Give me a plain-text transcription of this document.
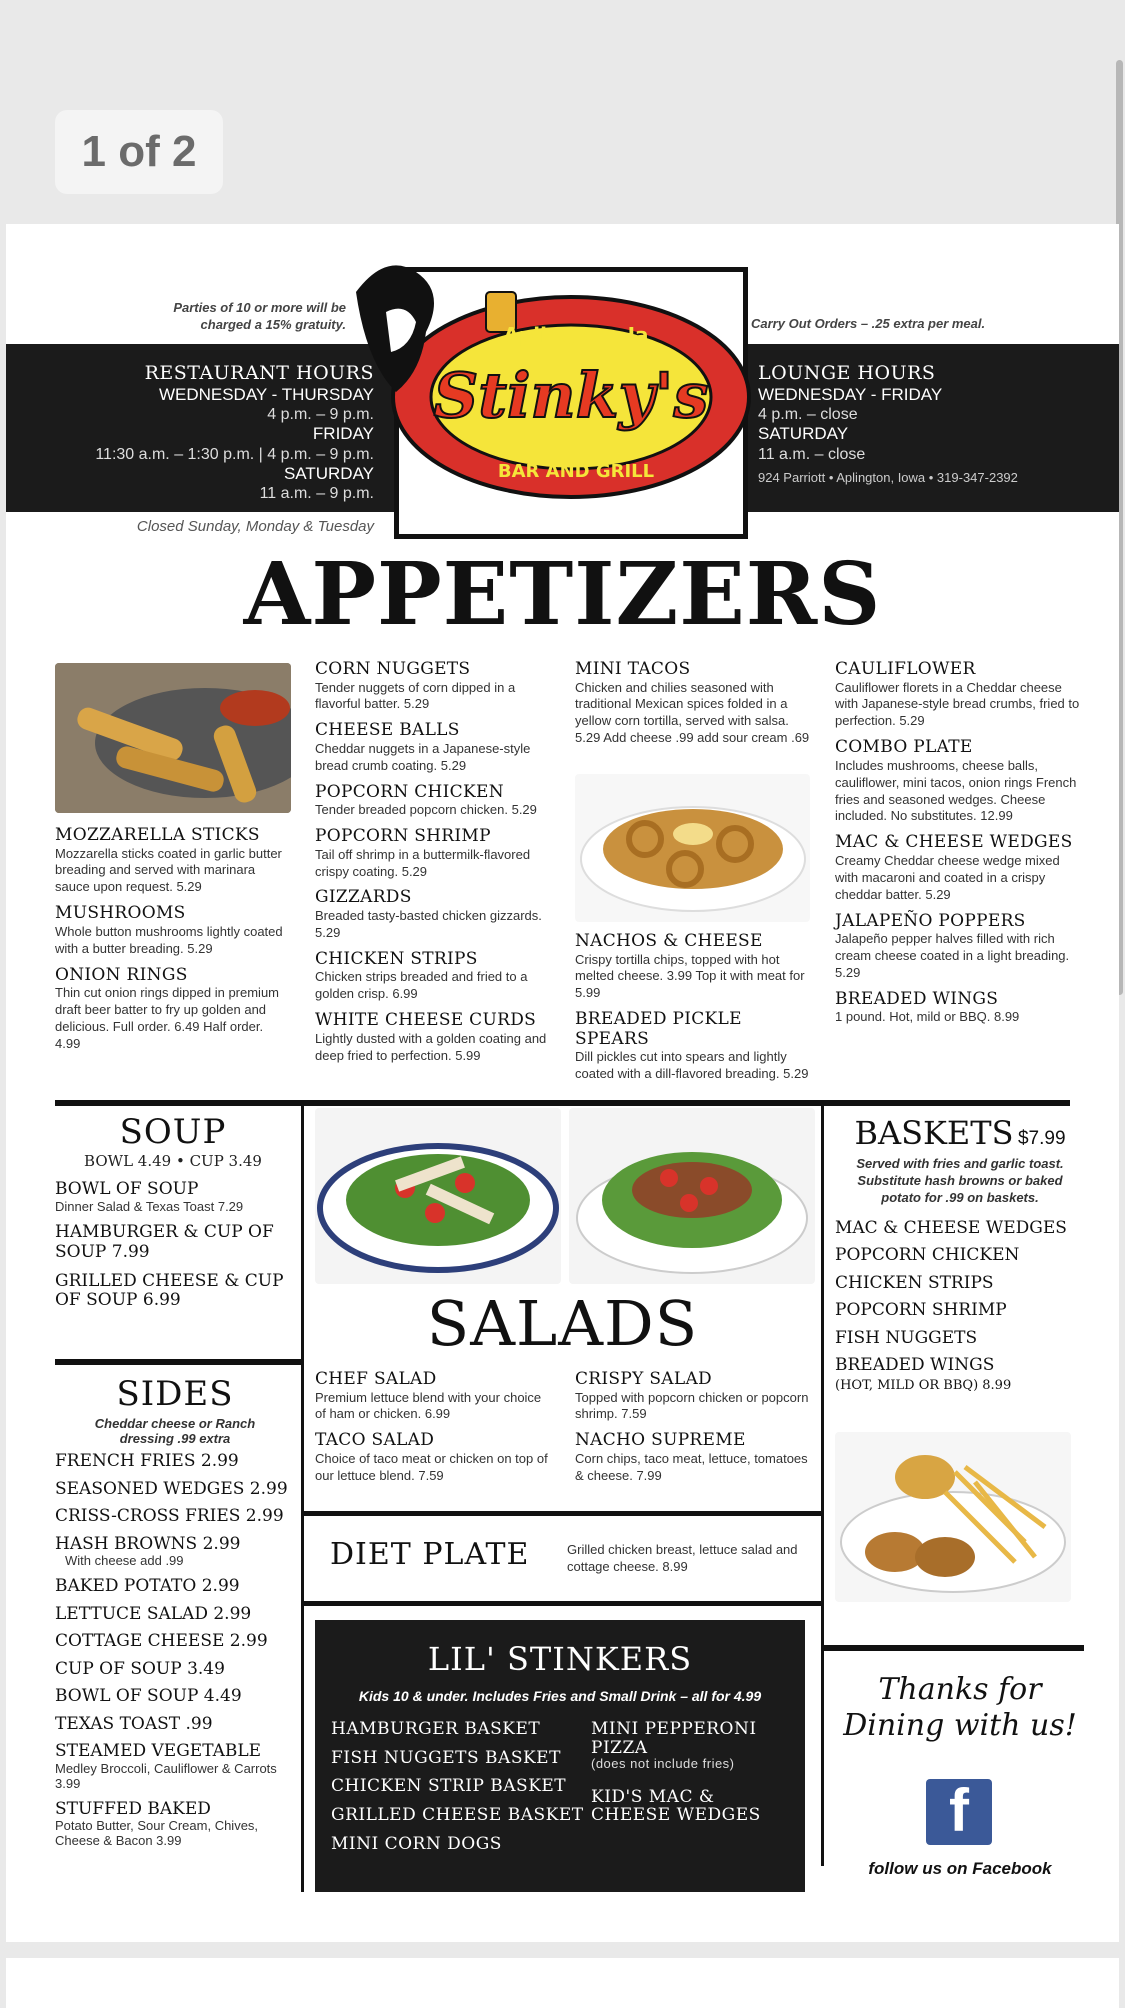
1 of 2
Parties of 10 or more will be charged a 15% gratuity.	Carry Out Orders – .25 extra per meal.
RESTAURANT HOURS
WEDNESDAY - THURSDAY
4 p.m. – 9 p.m.
FRIDAY
11:30 a.m. – 1:30 p.m. | 4 p.m. – 9 p.m.
SATURDAY
11 a.m. – 9 p.m.
Closed Sunday, Monday & Tuesday
LOUNGE HOURS
WEDNESDAY - FRIDAY
4 p.m. – close
SATURDAY
11 a.m. – close
924 Parriott • Aplington, Iowa • 319-347-2392
Aplington, Ia
Stinky's
BAR AND GRILL
APPETIZERS
MOZZARELLA STICKS
Mozzarella sticks coated in garlic butter breading and served with marinara sauce upon request. 5.29
MUSHROOMS
Whole button mushrooms lightly coated with a butter breading. 5.29
ONION RINGS
Thin cut onion rings dipped in premium draft beer batter to fry up golden and delicious. Full order. 6.49 Half order. 4.99
CORN NUGGETS
Tender nuggets of corn dipped in a flavorful batter. 5.29
CHEESE BALLS
Cheddar nuggets in a Japanese-style bread crumb coating. 5.29
POPCORN CHICKEN
Tender breaded popcorn chicken. 5.29
POPCORN SHRIMP
Tail off shrimp in a buttermilk-flavored crispy coating. 5.29
GIZZARDS
Breaded tasty-basted chicken gizzards. 5.29
CHICKEN STRIPS
Chicken strips breaded and fried to a golden crisp. 6.99
WHITE CHEESE CURDS
Lightly dusted with a golden coating and deep fried to perfection. 5.99
MINI TACOS
Chicken and chilies seasoned with traditional Mexican spices folded in a yellow corn tortilla, served with salsa. 5.29 Add cheese .99 add sour cream .69
NACHOS & CHEESE
Crispy tortilla chips, topped with hot melted cheese. 3.99 Top it with meat for 5.99
BREADED PICKLE SPEARS
Dill pickles cut into spears and lightly coated with a dill-flavored breading. 5.29
CAULIFLOWER
Cauliflower florets in a Cheddar cheese with Japanese-style bread crumbs, fried to perfection. 5.29
COMBO PLATE
Includes mushrooms, cheese balls, cauliflower, mini tacos, onion rings French fries and seasoned wedges. Cheese included. No substitutes. 12.99
MAC & CHEESE WEDGES
Creamy Cheddar cheese wedge mixed with macaroni and coated in a crispy cheddar batter. 5.29
JALAPEÑO POPPERS
Jalapeño pepper halves filled with rich cream cheese coated in a light breading. 5.29
BREADED WINGS
1 pound. Hot, mild or BBQ. 8.99
SOUP
BOWL 4.49 • CUP 3.49
BOWL OF SOUP
Dinner Salad & Texas Toast 7.29
HAMBURGER & CUP OF SOUP 7.99
GRILLED CHEESE & CUP OF SOUP 6.99
SIDES
Cheddar cheese or Ranch dressing .99 extra
FRENCH FRIES 2.99
SEASONED WEDGES 2.99
CRISS-CROSS FRIES 2.99
HASH BROWNS 2.99
With cheese add .99
BAKED POTATO 2.99
LETTUCE SALAD 2.99
COTTAGE CHEESE 2.99
CUP OF SOUP 3.49
BOWL OF SOUP 4.49
TEXAS TOAST .99
STEAMED VEGETABLE
Medley Broccoli, Cauliflower & Carrots 3.99
STUFFED BAKED
Potato Butter, Sour Cream, Chives, Cheese & Bacon 3.99
SALADS
CHEF SALAD
Premium lettuce blend with your choice of ham or chicken. 6.99
TACO SALAD
Choice of taco meat or chicken on top of our lettuce blend. 7.59
CRISPY SALAD
Topped with popcorn chicken or popcorn shrimp. 7.59
NACHO SUPREME
Corn chips, taco meat, lettuce, tomatoes & cheese. 7.99
DIET PLATE	Grilled chicken breast, lettuce salad and cottage cheese. 8.99
LIL' STINKERS
Kids 10 & under. Includes Fries and Small Drink – all for 4.99
HAMBURGER BASKET
FISH NUGGETS BASKET
CHICKEN STRIP BASKET
GRILLED CHEESE BASKET
MINI CORN DOGS
MINI PEPPERONI PIZZA
(does not include fries)
KID'S MAC & CHEESE WEDGES
BASKETS $7.99
Served with fries and garlic toast. Substitute hash browns or baked potato for .99 on baskets.
MAC & CHEESE WEDGES
POPCORN CHICKEN
CHICKEN STRIPS
POPCORN SHRIMP
FISH NUGGETS
BREADED WINGS
(HOT, MILD OR BBQ) 8.99
Thanks for Dining with us!
f
follow us on Facebook
